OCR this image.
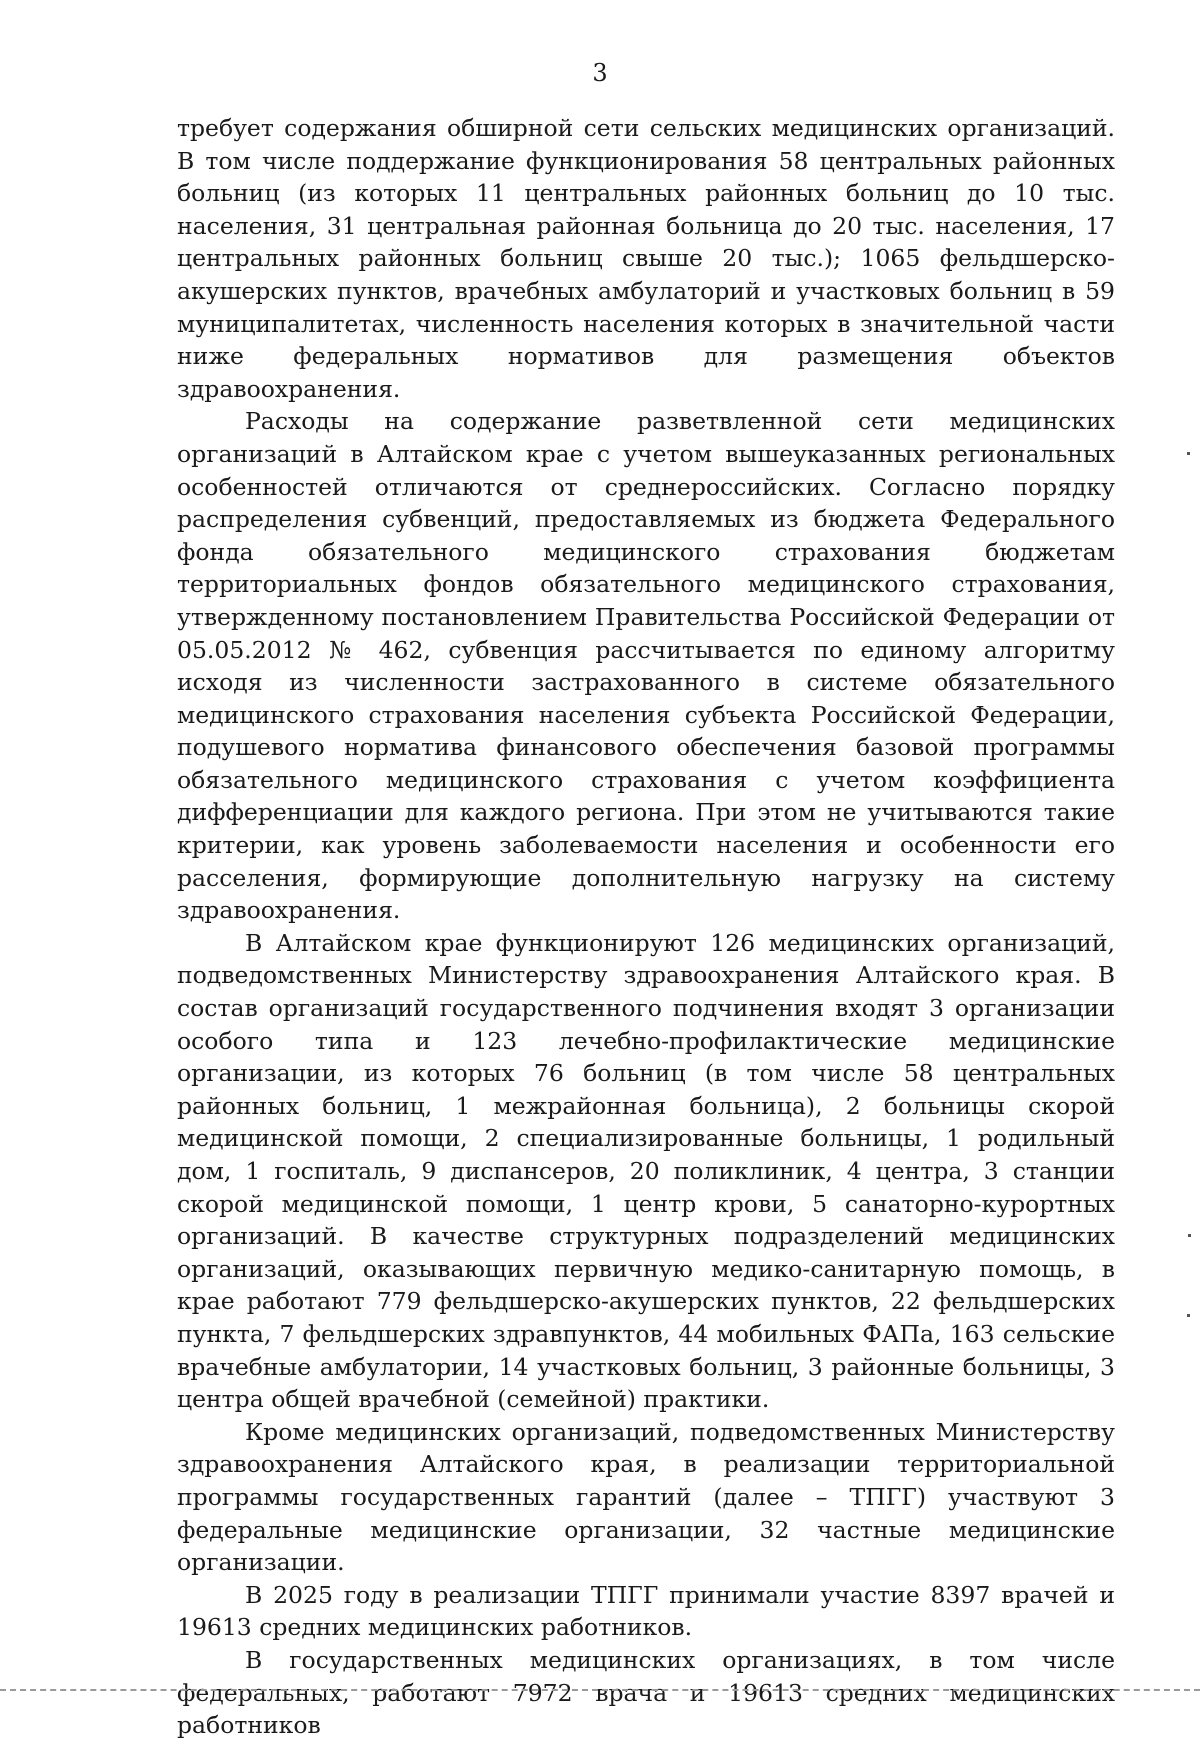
3

требует содержания обширной сети сельских медицинских организаций. В том числе поддержание функционирования 58 центральных районных больниц (из которых 11 центральных районных больниц до 10 тыс. населения, 31 центральная районная больница до 20 тыс. населения, 17 центральных районных больниц свыше 20 тыс.); 1065 фельдшерско-акушерских пунктов, врачебных амбулаторий и участковых больниц в 59 муниципалитетах, численность населения которых в значительной части ниже федеральных нормативов для размещения объектов здравоохранения.

Расходы на содержание разветвленной сети медицинских организаций в Алтайском крае с учетом вышеуказанных региональных особенностей отличаются от среднероссийских. Согласно порядку распределения субвенций, предоставляемых из бюджета Федерального фонда обязательного медицинского страхования бюджетам территориальных фондов обязательного медицинского страхования, утвержденному постановлением Правительства Российской Федерации от 05.05.2012 № 462, субвенция рассчитывается по единому алгоритму исходя из численности застрахованного в системе обязательного медицинского страхования населения субъекта Российской Федерации, подушевого норматива финансового обеспечения базовой программы обязательного медицинского страхования с учетом коэффициента дифференциации для каждого региона. При этом не учитываются такие критерии, как уровень заболеваемости населения и особенности его расселения, формирующие дополнительную нагрузку на систему здравоохранения.

В Алтайском крае функционируют 126 медицинских организаций, подведомственных Министерству здравоохранения Алтайского края. В состав организаций государственного подчинения входят 3 организации особого типа и 123 лечебно-профилактические медицинские организации, из которых 76 больниц (в том числе 58 центральных районных больниц, 1 межрайонная больница), 2 больницы скорой медицинской помощи, 2 специализированные больницы, 1 родильный дом, 1 госпиталь, 9 диспансеров, 20 поликлиник, 4 центра, 3 станции скорой медицинской помощи, 1 центр крови, 5 санаторно-курортных организаций. В качестве структурных подразделений медицинских организаций, оказывающих первичную медико-санитарную помощь, в крае работают 779 фельдшерско-акушерских пунктов, 22 фельдшерских пункта, 7 фельдшерских здравпунктов, 44 мобильных ФАПа, 163 сельские врачебные амбулатории, 14 участковых больниц, 3 районные больницы, 3 центра общей врачебной (семейной) практики.

Кроме медицинских организаций, подведомственных Министерству здравоохранения Алтайского края, в реализации территориальной программы государственных гарантий (далее – ТПГГ) участвуют 3 федеральные медицинские организации, 32 частные медицинские организации.

В 2025 году в реализации ТПГГ принимали участие 8397 врачей и 19613 средних медицинских работников.

В государственных медицинских организациях, в том числе федеральных, работают 7972 врача и 19613 средних медицинских работников
